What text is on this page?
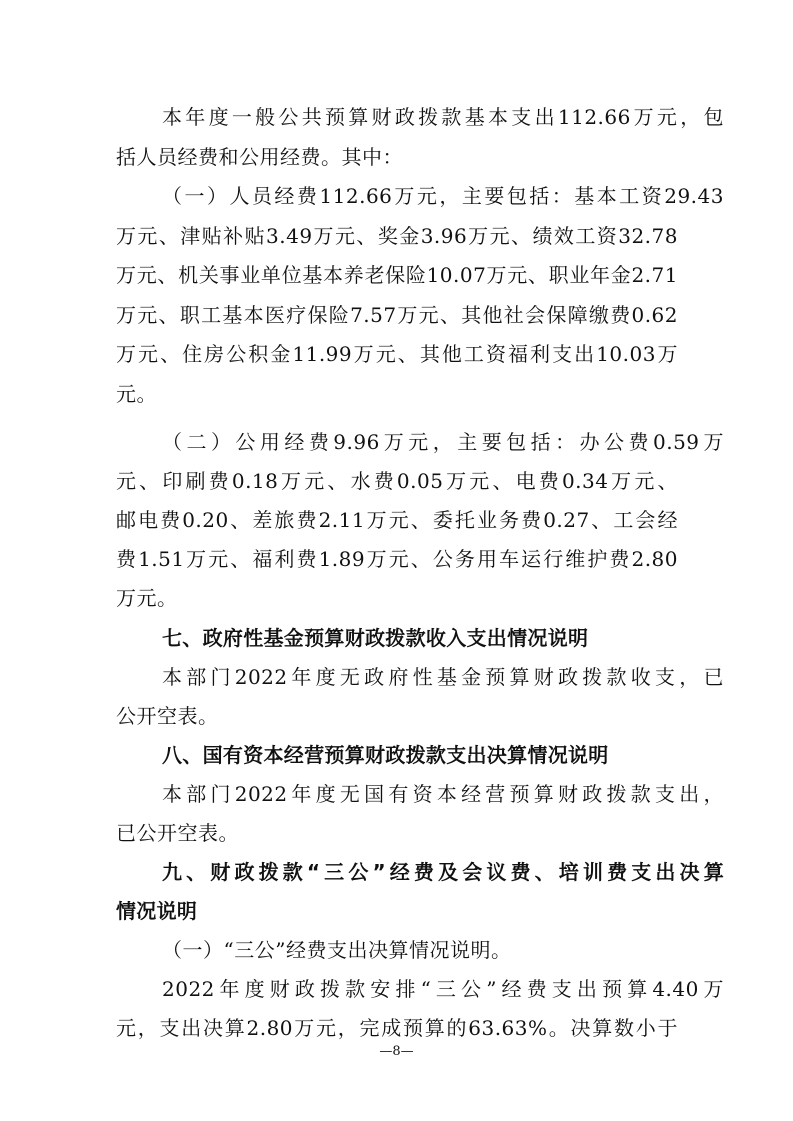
本年度一般公共预算财政拨款基本支出112.66万元，包
括人员经费和公用经费。其中：
（一）人员经费112.66万元，主要包括：基本工资29.43
万元、津贴补贴3.49万元、奖金3.96万元、绩效工资32.78
万元、机关事业单位基本养老保险10.07万元、职业年金2.71
万元、职工基本医疗保险7.57万元、其他社会保障缴费0.62
万元、住房公积金11.99万元、其他工资福利支出10.03万
元。
（二）公用经费9.96万元，主要包括：办公费0.59万
元、印刷费0.18万元、水费0.05万元、电费0.34万元、
邮电费0.20、差旅费2.11万元、委托业务费0.27、工会经
费1.51万元、福利费1.89万元、公务用车运行维护费2.80
万元。
七、政府性基金预算财政拨款收入支出情况说明
本部门2022年度无政府性基金预算财政拨款收支，已
公开空表。
八、国有资本经营预算财政拨款支出决算情况说明
本部门2022年度无国有资本经营预算财政拨款支出，
已公开空表。
九、财政拨款“三公”经费及会议费、培训费支出决算
情况说明
（一）“三公”经费支出决算情况说明。
2022年度财政拨款安排“三公”经费支出预算4.40万
元，支出决算2.80万元，完成预算的63.63%。决算数小于
—8—
